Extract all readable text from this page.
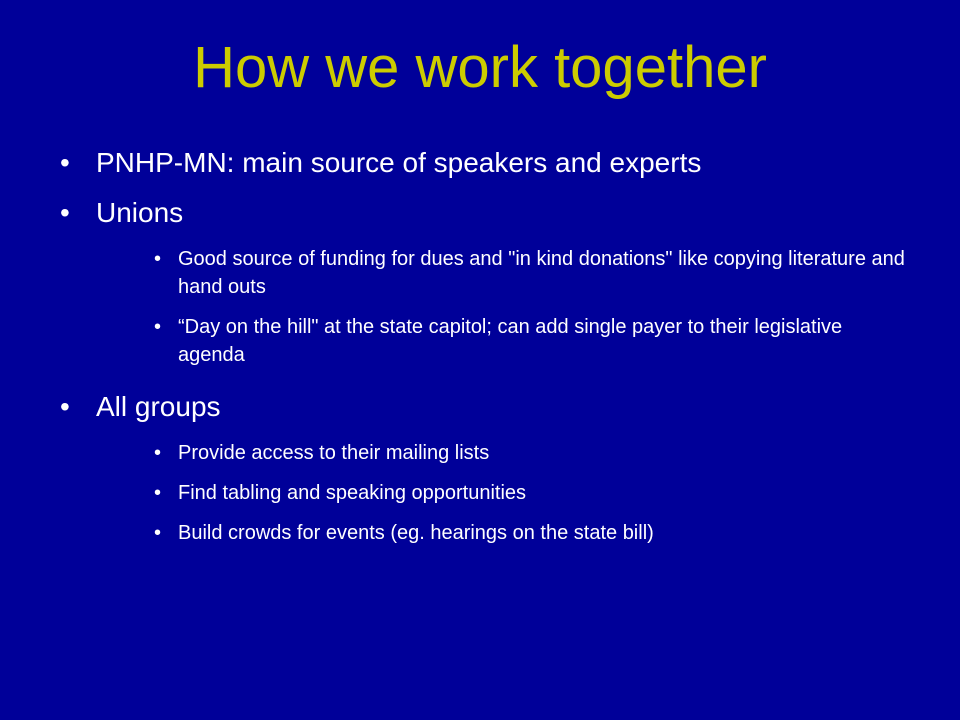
How we work together
• PNHP-MN: main source of speakers and experts
• Unions
• Good source of funding for dues and "in kind donations" like copying literature and hand outs
• “Day on the hill" at the state capitol; can add single payer to their legislative agenda
• All groups
• Provide access to their mailing lists
• Find tabling and speaking opportunities
• Build crowds for events (eg. hearings on the state bill)
